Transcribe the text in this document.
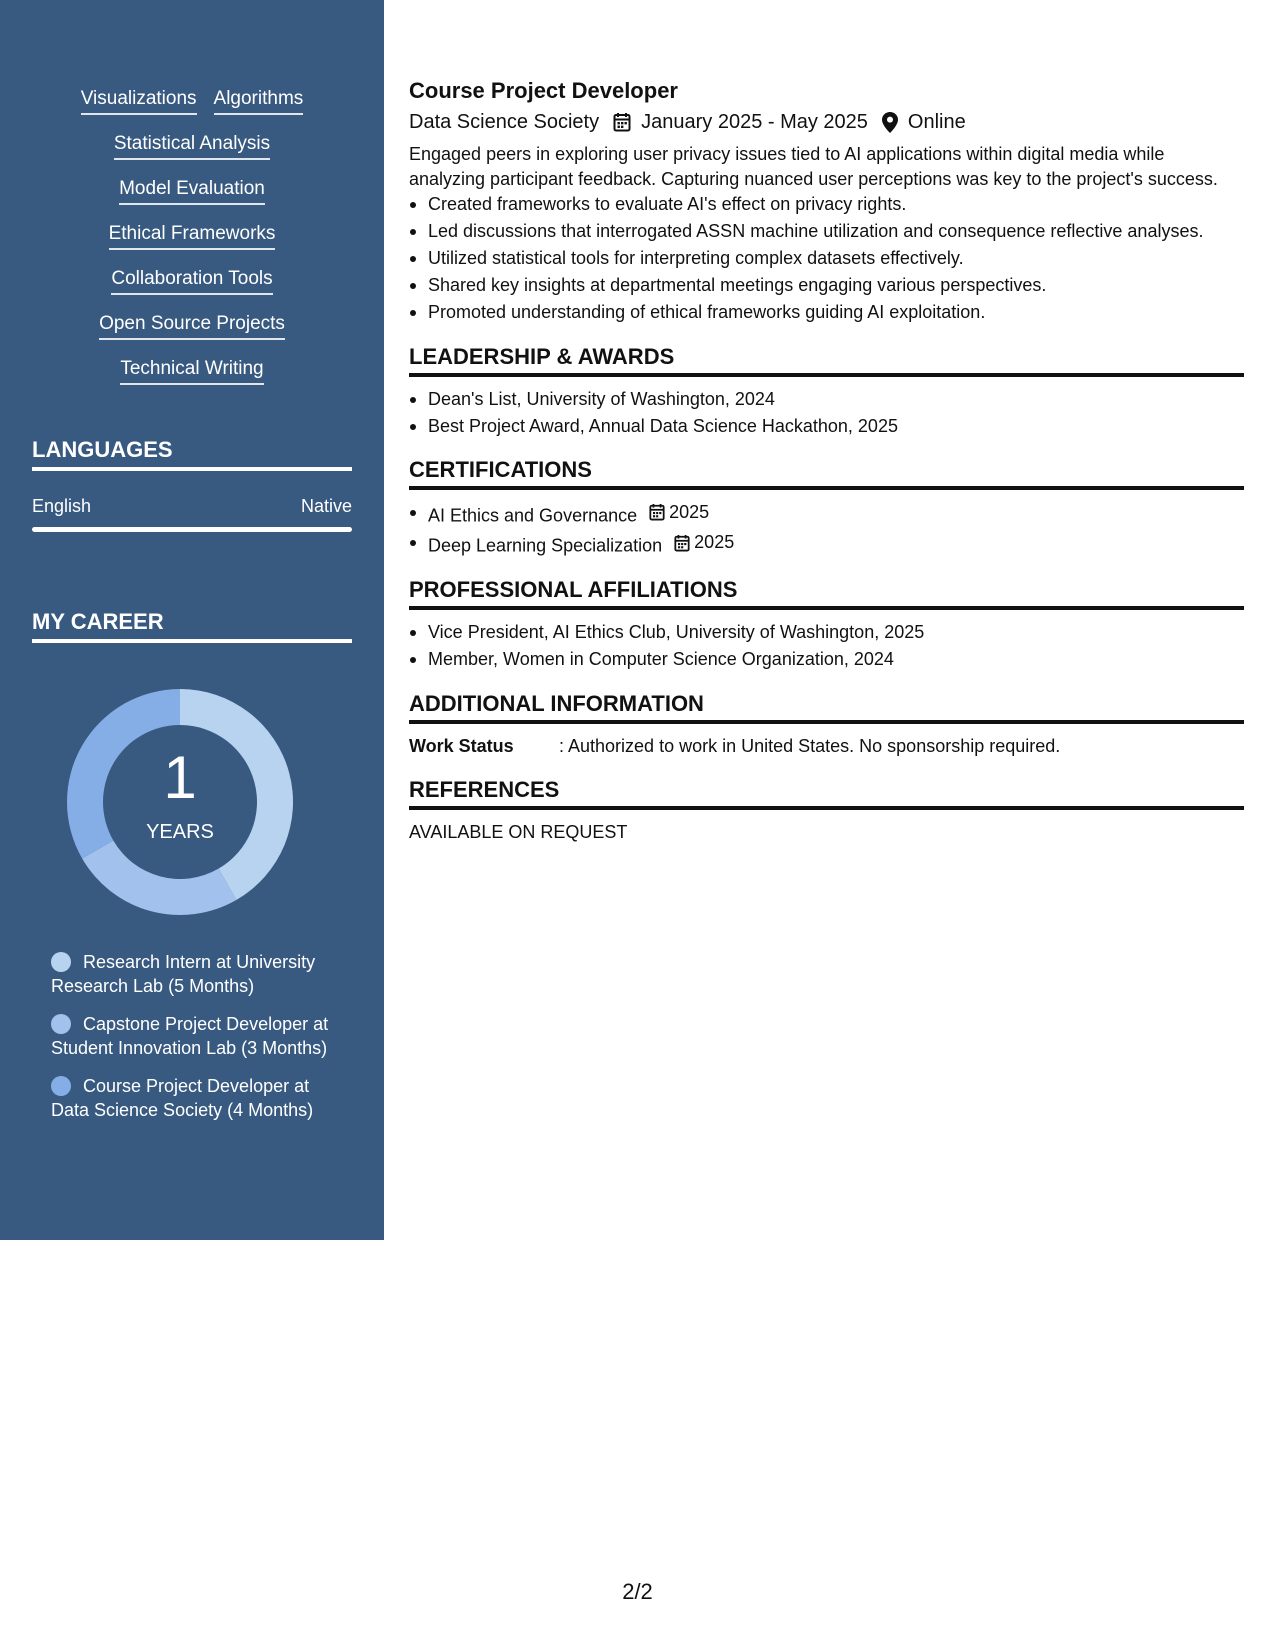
Visualizations Algorithms
Statistical Analysis
Model Evaluation
Ethical Frameworks
Collaboration Tools
Open Source Projects
Technical Writing
LANGUAGES
English	Native
MY CAREER
1
YEARS
Research Intern at University Research Lab (5 Months)
Capstone Project Developer at Student Innovation Lab (3 Months)
Course Project Developer at Data Science Society (4 Months)
Course Project Developer
Data Science Society January 2025 - May 2025 Online
Engaged peers in exploring user privacy issues tied to AI applications within digital media while analyzing participant feedback. Capturing nuanced user perceptions was key to the project's success.
Created frameworks to evaluate AI's effect on privacy rights.
Led discussions that interrogated ASSN machine utilization and consequence reflective analyses.
Utilized statistical tools for interpreting complex datasets effectively.
Shared key insights at departmental meetings engaging various perspectives.
Promoted understanding of ethical frameworks guiding AI exploitation.
LEADERSHIP & AWARDS
Dean's List, University of Washington, 2024
Best Project Award, Annual Data Science Hackathon, 2025
CERTIFICATIONS
AI Ethics and Governance 2025
Deep Learning Specialization 2025
PROFESSIONAL AFFILIATIONS
Vice President, AI Ethics Club, University of Washington, 2025
Member, Women in Computer Science Organization, 2024
ADDITIONAL INFORMATION
Work Status	: Authorized to work in United States. No sponsorship required.
REFERENCES
AVAILABLE ON REQUEST
2/2
